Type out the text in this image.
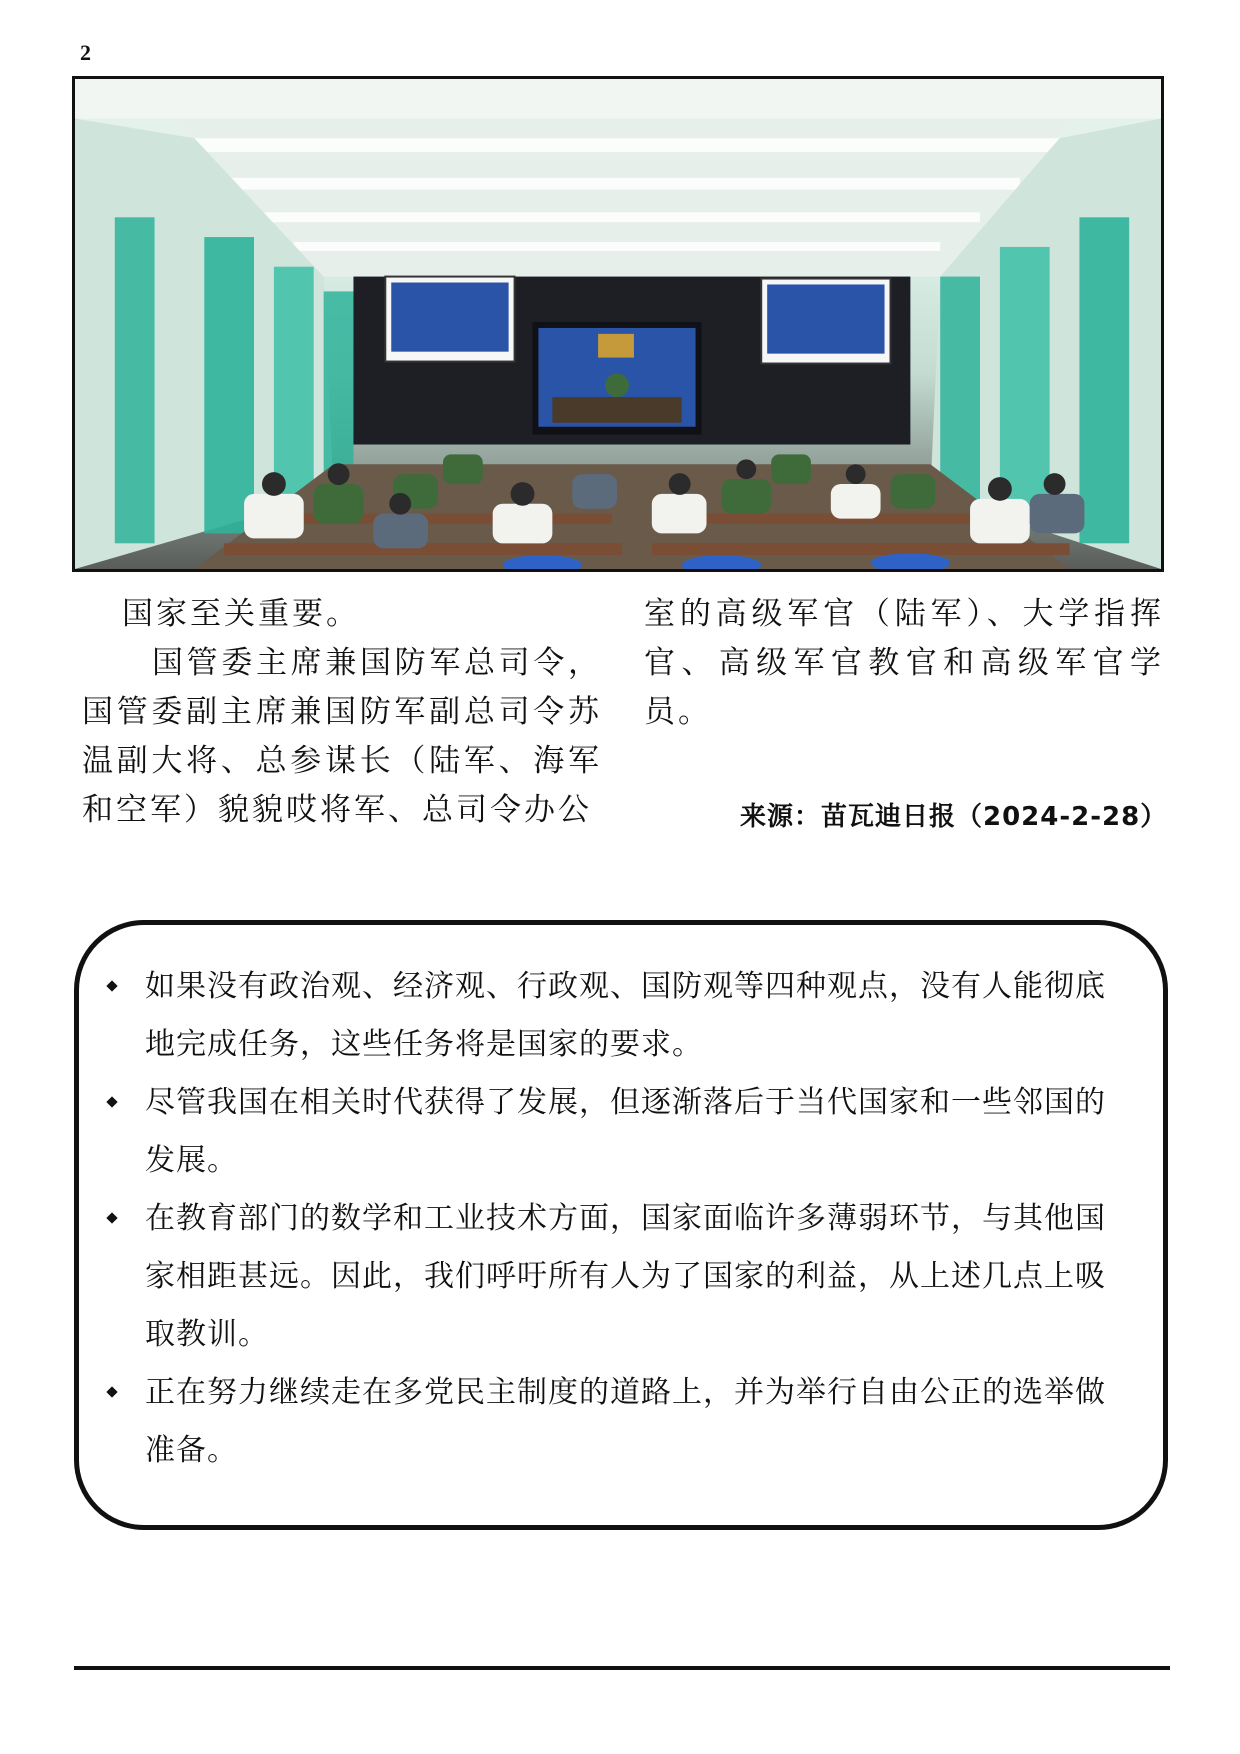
2

国家至关重要。

国管委主席兼国防军总司令，国管委副主席兼国防军副总司令苏温副大将、总参谋长（陆军、海军和空军）貌貌哎将军、总司令办公

室的高级军官（陆军）、大学指挥官、高级军官教官和高级军官学员。

来源：苗瓦迪日报（2024-2-28）
如果没有政治观、经济观、行政观、国防观等四种观点，没有人能彻底地完成任务，这些任务将是国家的要求。
尽管我国在相关时代获得了发展，但逐渐落后于当代国家和一些邻国的发展。
在教育部门的数学和工业技术方面，国家面临许多薄弱环节，与其他国家相距甚远。因此，我们呼吁所有人为了国家的利益，从上述几点上吸取教训。
正在努力继续走在多党民主制度的道路上，并为举行自由公正的选举做准备。
